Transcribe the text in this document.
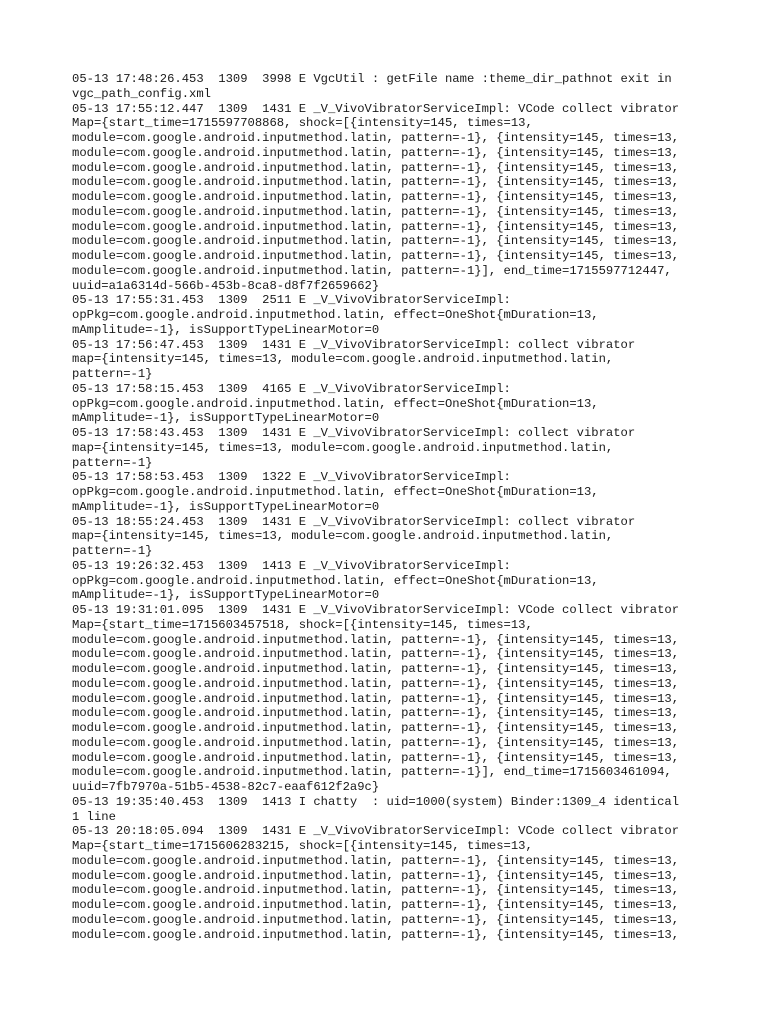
05-13 17:48:26.453  1309  3998 E VgcUtil : getFile name :theme_dir_pathnot exit in
vgc_path_config.xml
05-13 17:55:12.447  1309  1431 E _V_VivoVibratorServiceImpl: VCode collect vibrator
Map={start_time=1715597708868, shock=[{intensity=145, times=13,
module=com.google.android.inputmethod.latin, pattern=-1}, {intensity=145, times=13,
module=com.google.android.inputmethod.latin, pattern=-1}, {intensity=145, times=13,
module=com.google.android.inputmethod.latin, pattern=-1}, {intensity=145, times=13,
module=com.google.android.inputmethod.latin, pattern=-1}, {intensity=145, times=13,
module=com.google.android.inputmethod.latin, pattern=-1}, {intensity=145, times=13,
module=com.google.android.inputmethod.latin, pattern=-1}, {intensity=145, times=13,
module=com.google.android.inputmethod.latin, pattern=-1}, {intensity=145, times=13,
module=com.google.android.inputmethod.latin, pattern=-1}, {intensity=145, times=13,
module=com.google.android.inputmethod.latin, pattern=-1}, {intensity=145, times=13,
module=com.google.android.inputmethod.latin, pattern=-1}], end_time=1715597712447,
uuid=a1a6314d-566b-453b-8ca8-d8f7f2659662}
05-13 17:55:31.453  1309  2511 E _V_VivoVibratorServiceImpl:
opPkg=com.google.android.inputmethod.latin, effect=OneShot{mDuration=13,
mAmplitude=-1}, isSupportTypeLinearMotor=0
05-13 17:56:47.453  1309  1431 E _V_VivoVibratorServiceImpl: collect vibrator
map={intensity=145, times=13, module=com.google.android.inputmethod.latin,
pattern=-1}
05-13 17:58:15.453  1309  4165 E _V_VivoVibratorServiceImpl:
opPkg=com.google.android.inputmethod.latin, effect=OneShot{mDuration=13,
mAmplitude=-1}, isSupportTypeLinearMotor=0
05-13 17:58:43.453  1309  1431 E _V_VivoVibratorServiceImpl: collect vibrator
map={intensity=145, times=13, module=com.google.android.inputmethod.latin,
pattern=-1}
05-13 17:58:53.453  1309  1322 E _V_VivoVibratorServiceImpl:
opPkg=com.google.android.inputmethod.latin, effect=OneShot{mDuration=13,
mAmplitude=-1}, isSupportTypeLinearMotor=0
05-13 18:55:24.453  1309  1431 E _V_VivoVibratorServiceImpl: collect vibrator
map={intensity=145, times=13, module=com.google.android.inputmethod.latin,
pattern=-1}
05-13 19:26:32.453  1309  1413 E _V_VivoVibratorServiceImpl:
opPkg=com.google.android.inputmethod.latin, effect=OneShot{mDuration=13,
mAmplitude=-1}, isSupportTypeLinearMotor=0
05-13 19:31:01.095  1309  1431 E _V_VivoVibratorServiceImpl: VCode collect vibrator
Map={start_time=1715603457518, shock=[{intensity=145, times=13,
module=com.google.android.inputmethod.latin, pattern=-1}, {intensity=145, times=13,
module=com.google.android.inputmethod.latin, pattern=-1}, {intensity=145, times=13,
module=com.google.android.inputmethod.latin, pattern=-1}, {intensity=145, times=13,
module=com.google.android.inputmethod.latin, pattern=-1}, {intensity=145, times=13,
module=com.google.android.inputmethod.latin, pattern=-1}, {intensity=145, times=13,
module=com.google.android.inputmethod.latin, pattern=-1}, {intensity=145, times=13,
module=com.google.android.inputmethod.latin, pattern=-1}, {intensity=145, times=13,
module=com.google.android.inputmethod.latin, pattern=-1}, {intensity=145, times=13,
module=com.google.android.inputmethod.latin, pattern=-1}, {intensity=145, times=13,
module=com.google.android.inputmethod.latin, pattern=-1}], end_time=1715603461094,
uuid=7fb7970a-51b5-4538-82c7-eaaf612f2a9c}
05-13 19:35:40.453  1309  1413 I chatty  : uid=1000(system) Binder:1309_4 identical
1 line
05-13 20:18:05.094  1309  1431 E _V_VivoVibratorServiceImpl: VCode collect vibrator
Map={start_time=1715606283215, shock=[{intensity=145, times=13,
module=com.google.android.inputmethod.latin, pattern=-1}, {intensity=145, times=13,
module=com.google.android.inputmethod.latin, pattern=-1}, {intensity=145, times=13,
module=com.google.android.inputmethod.latin, pattern=-1}, {intensity=145, times=13,
module=com.google.android.inputmethod.latin, pattern=-1}, {intensity=145, times=13,
module=com.google.android.inputmethod.latin, pattern=-1}, {intensity=145, times=13,
module=com.google.android.inputmethod.latin, pattern=-1}, {intensity=145, times=13,
